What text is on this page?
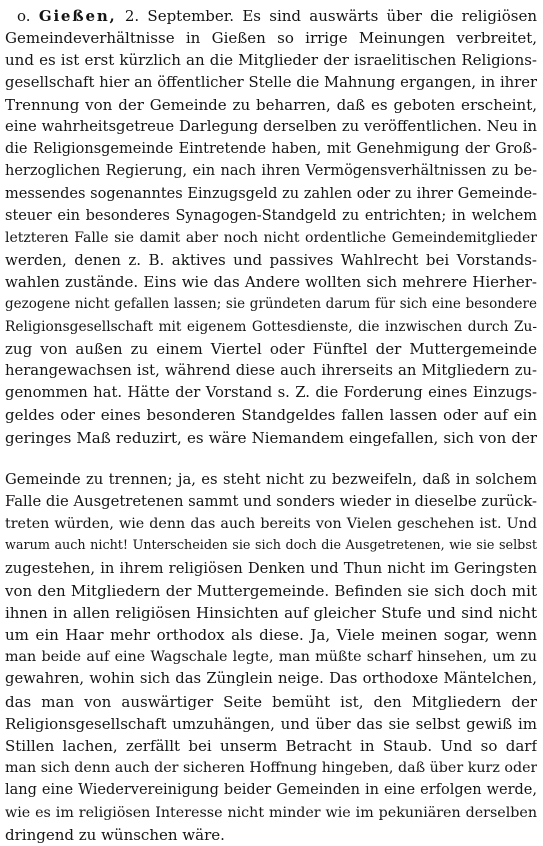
o. Gießen, 2. September. Es sind auswärts über die religiösen
Gemeindeverhältnisse in Gießen so irrige Meinungen verbreitet,
und es ist erst kürzlich an die Mitglieder der israelitischen Religions-
gesellschaft hier an öffentlicher Stelle die Mahnung ergangen, in ihrer
Trennung von der Gemeinde zu beharren, daß es geboten erscheint,
eine wahrheitsgetreue Darlegung derselben zu veröffentlichen. Neu in
die Religionsgemeinde Eintretende haben, mit Genehmigung der Groß-
herzoglichen Regierung, ein nach ihren Vermögensverhältnissen zu be-
messendes sogenanntes Einzugsgeld zu zahlen oder zu ihrer Gemeinde-
steuer ein besonderes Synagogen-Standgeld zu entrichten; in welchem
letzteren Falle sie damit aber noch nicht ordentliche Gemeindemitglieder
werden, denen z. B. aktives und passives Wahlrecht bei Vorstands-
wahlen zustände. Eins wie das Andere wollten sich mehrere Hierher-
gezogene nicht gefallen lassen; sie gründeten darum für sich eine besondere
Religionsgesellschaft mit eigenem Gottesdienste, die inzwischen durch Zu-
zug von außen zu einem Viertel oder Fünftel der Muttergemeinde
herangewachsen ist, während diese auch ihrerseits an Mitgliedern zu-
genommen hat. Hätte der Vorstand s. Z. die Forderung eines Einzugs-
geldes oder eines besonderen Standgeldes fallen lassen oder auf ein
geringes Maß reduzirt, es wäre Niemandem eingefallen, sich von der
Gemeinde zu trennen; ja, es steht nicht zu bezweifeln, daß in solchem
Falle die Ausgetretenen sammt und sonders wieder in dieselbe zurück-
treten würden, wie denn das auch bereits von Vielen geschehen ist. Und
warum auch nicht! Unterscheiden sie sich doch die Ausgetretenen, wie sie selbst
zugestehen, in ihrem religiösen Denken und Thun nicht im Geringsten
von den Mitgliedern der Muttergemeinde. Befinden sie sich doch mit
ihnen in allen religiösen Hinsichten auf gleicher Stufe und sind nicht
um ein Haar mehr orthodox als diese. Ja, Viele meinen sogar, wenn
man beide auf eine Wagschale legte, man müßte scharf hinsehen, um zu
gewahren, wohin sich das Zünglein neige. Das orthodoxe Mäntelchen,
das man von auswärtiger Seite bemüht ist, den Mitgliedern der
Religionsgesellschaft umzuhängen, und über das sie selbst gewiß im
Stillen lachen, zerfällt bei unserm Betracht in Staub. Und so darf
man sich denn auch der sicheren Hoffnung hingeben, daß über kurz oder
lang eine Wiedervereinigung beider Gemeinden in eine erfolgen werde,
wie es im religiösen Interesse nicht minder wie im pekuniären derselben
dringend zu wünschen wäre.
